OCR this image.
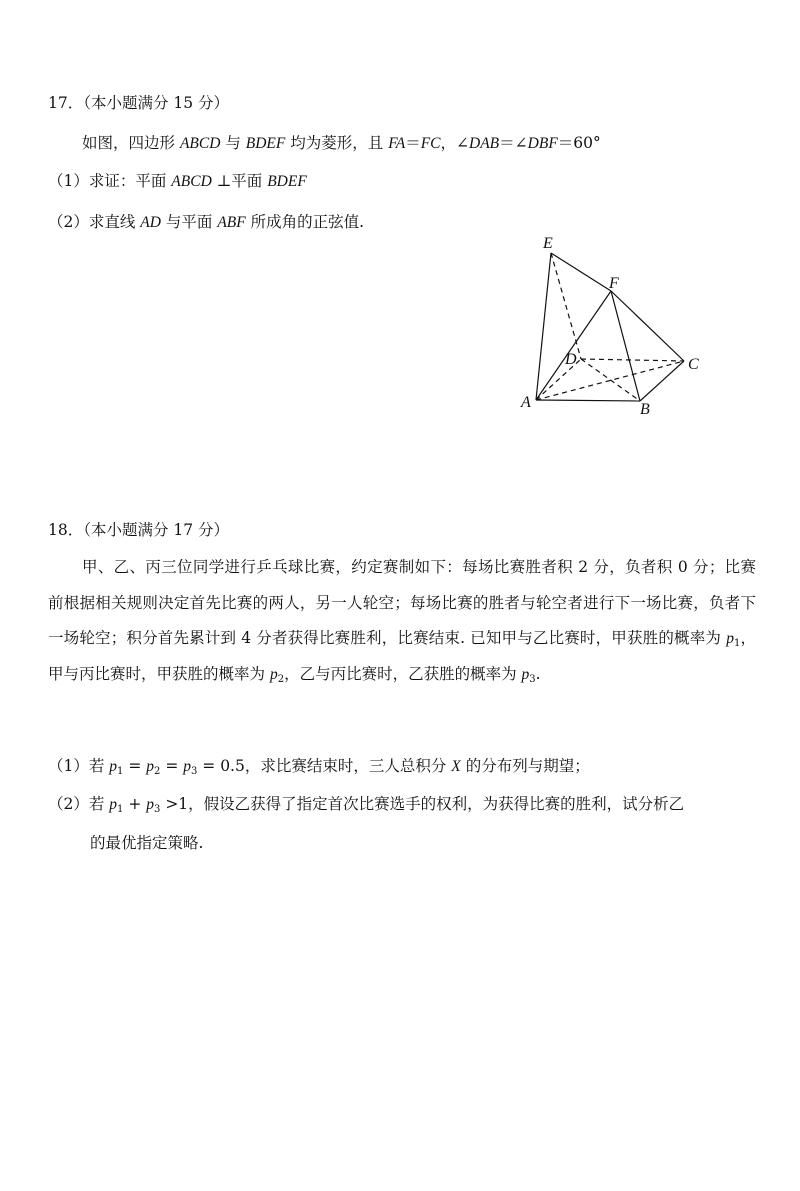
17．（本小题满分 15 分）
如图，四边形 ABCD 与 BDEF 均为菱形，且 FA＝FC，∠DAB＝∠DBF＝60°
（1）求证：平面 ABCD ⊥平面 BDEF
（2）求直线 AD 与平面 ABF 所成角的正弦值.
E
F
D	C
A	B
18．（本小题满分 17 分）
甲、乙、丙三位同学进行乒乓球比赛，约定赛制如下：每场比赛胜者积 2 分，负者积 0 分；比赛前根据相关规则决定首先比赛的两人，另一人轮空；每场比赛的胜者与轮空者进行下一场比赛，负者下一场轮空；积分首先累计到 4 分者获得比赛胜利，比赛结束. 已知甲与乙比赛时，甲获胜的概率为 $p_1$，甲与丙比赛时，甲获胜的概率为 $p_2$，乙与丙比赛时，乙获胜的概率为 $p_3$.
（1）若 $p_1 = p_2 = p_3 = 0.5$，求比赛结束时，三人总积分 X 的分布列与期望；
（2）若 $p_1 + p_3 >1$，假设乙获得了指定首次比赛选手的权利，为获得比赛的胜利，试分析乙
的最优指定策略.
